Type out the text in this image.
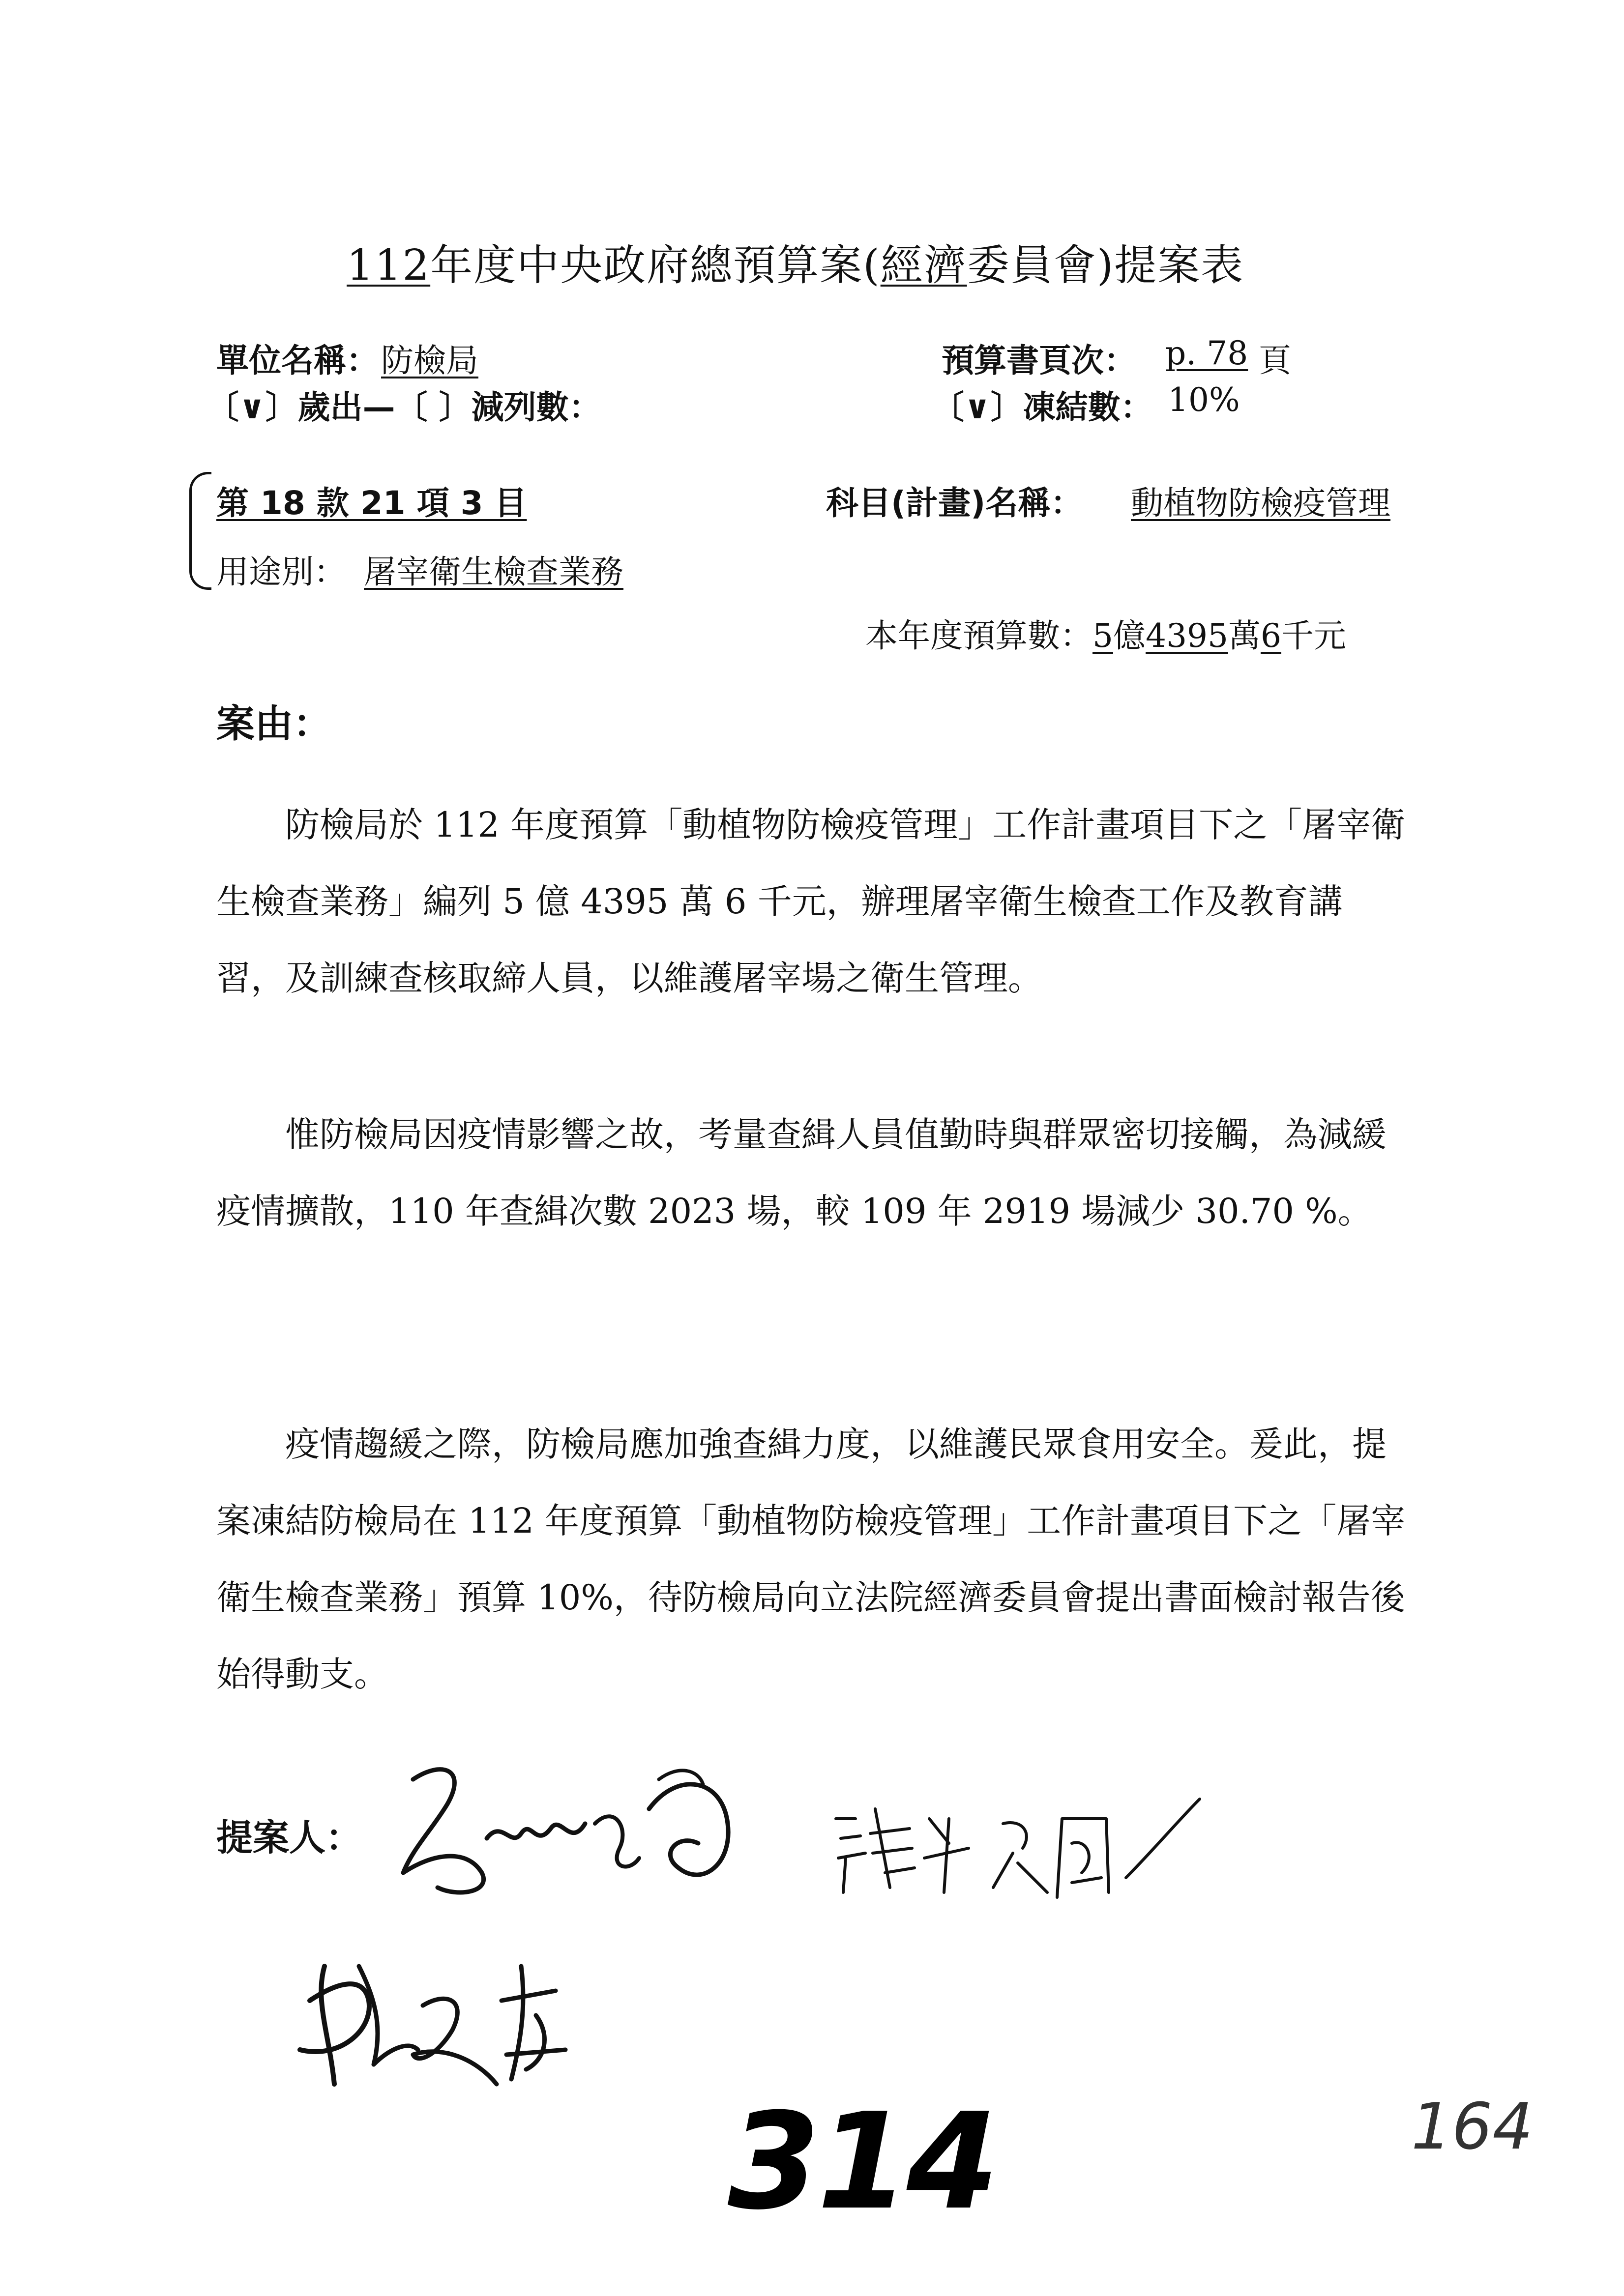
112年度中央政府總預算案(經濟委員會)提案表
單位名稱： 防檢局	預算書頁次： p. 78 頁
〔∨〕歲出—〔 〕減列數：	〔∨〕凍結數： 10%
第 18 款 21 項 3 目
用途別： 屠宰衛生檢查業務
科目(計畫)名稱： 動植物防檢疫管理
本年度預算數：5億4395萬6千元
案由：
防檢局於 112 年度預算「動植物防檢疫管理」工作計畫項目下之「屠宰衛生檢查業務」編列 5 億 4395 萬 6 千元，辦理屠宰衛生檢查工作及教育講習，及訓練查核取締人員，以維護屠宰場之衛生管理。
惟防檢局因疫情影響之故，考量查緝人員值勤時與群眾密切接觸，為減緩疫情擴散，110 年查緝次數 2023 場，較 109 年 2919 場減少 30.70 %。
疫情趨緩之際，防檢局應加強查緝力度，以維護民眾食用安全。爰此，提案凍結防檢局在 112 年度預算「動植物防檢疫管理」工作計畫項目下之「屠宰衛生檢查業務」預算 10%，待防檢局向立法院經濟委員會提出書面檢討報告後始得動支。
提案人：
314	164
